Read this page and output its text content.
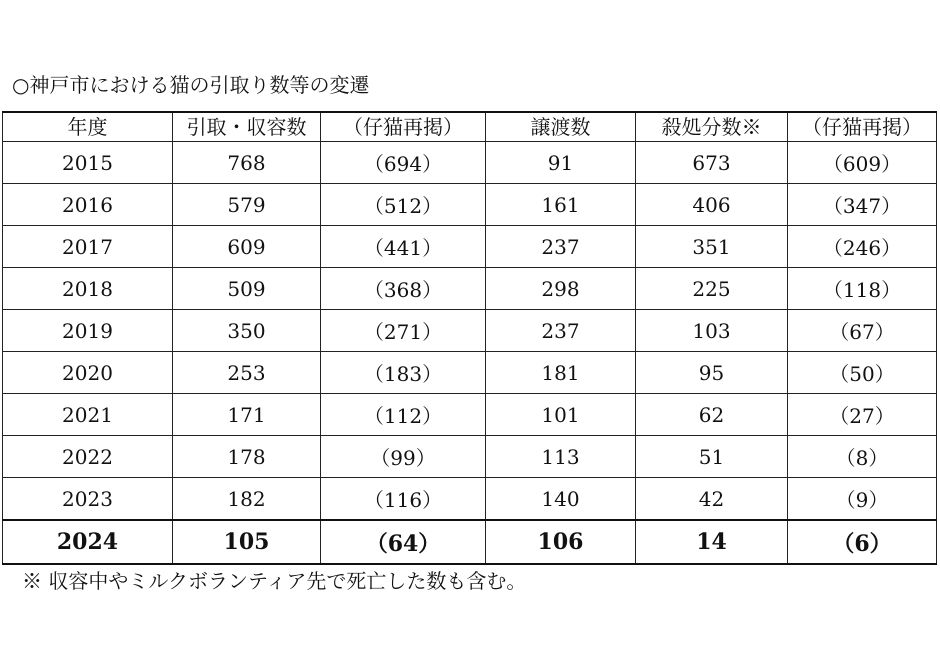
○神戸市における猫の引取り数等の変遷
年度	引取・収容数	（仔猫再掲）	譲渡数	殺処分数※	（仔猫再掲）
2015	768	（694）	91	673	（609）
2016	579	（512）	161	406	（347）
2017	609	（441）	237	351	（246）
2018	509	（368）	298	225	（118）
2019	350	（271）	237	103	（67）
2020	253	（183）	181	95	（50）
2021	171	（112）	101	62	（27）
2022	178	（99）	113	51	（8）
2023	182	（116）	140	42	（9）
2024	105	（64）	106	14	（6）
※ 収容中やミルクボランティア先で死亡した数も含む。
